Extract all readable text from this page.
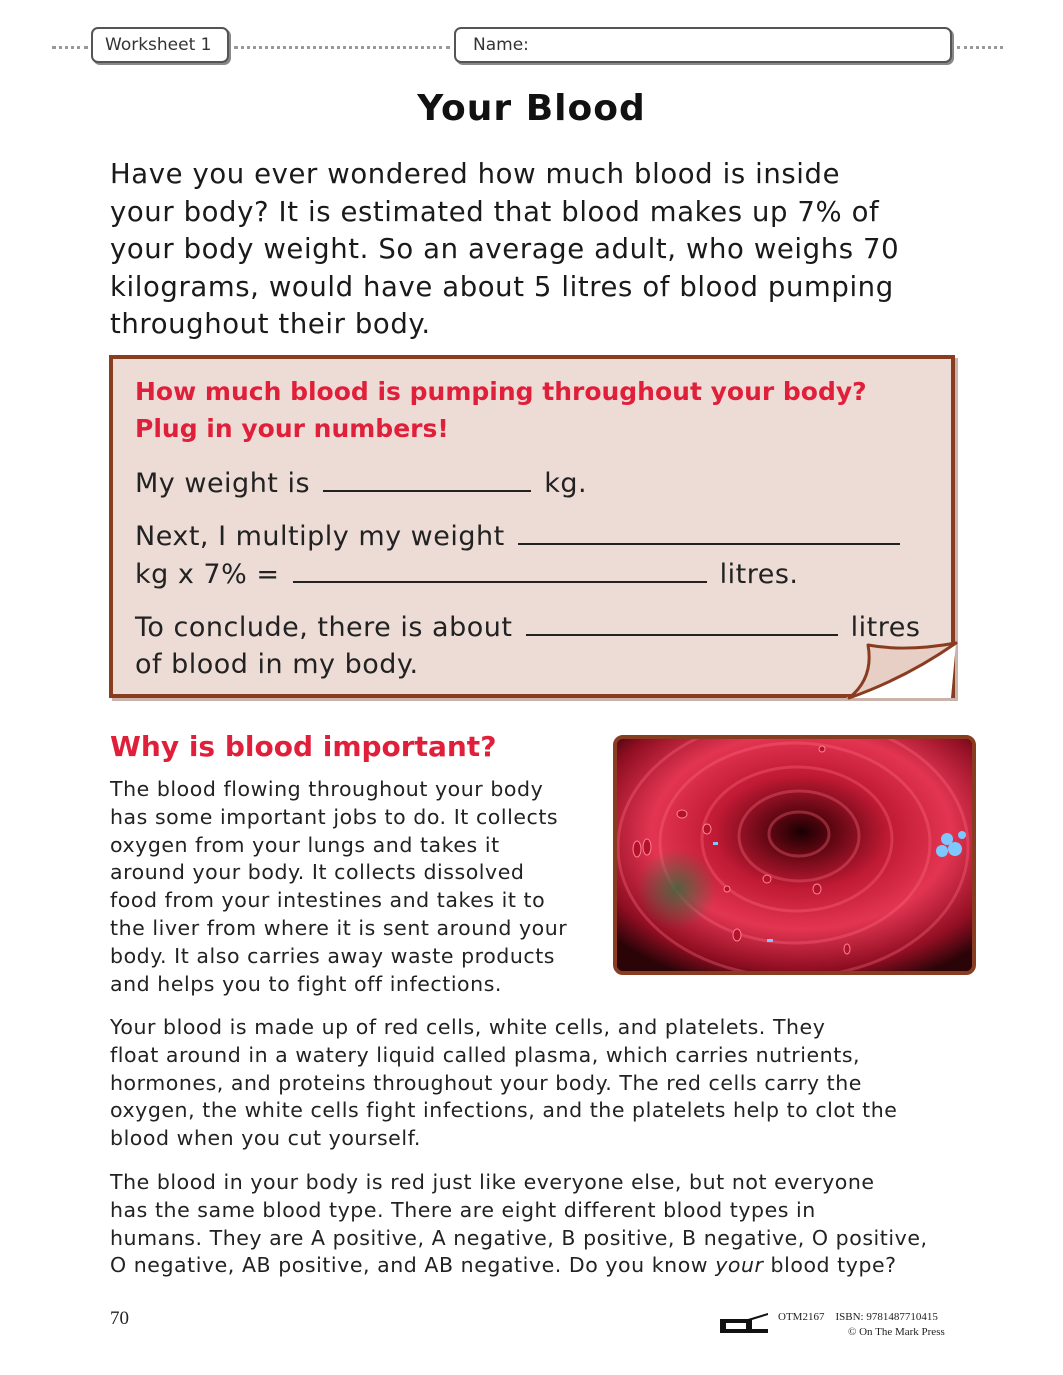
Worksheet 1	Name:
Your Blood
Have you ever wondered how much blood is inside
your body? It is estimated that blood makes up 7% of
your body weight. So an average adult, who weighs 70
kilograms, would have about 5 litres of blood pumping
throughout their body.
How much blood is pumping throughout your body?
Plug in your numbers!
My weight is	kg.
Next, I multiply my weight
kg x 7% =	litres.
To conclude, there is about	litres
of blood in my body.
Why is blood important?
The blood flowing throughout your body
has some important jobs to do. It collects
oxygen from your lungs and takes it
around your body. It collects dissolved
food from your intestines and takes it to
the liver from where it is sent around your
body. It also carries away waste products
and helps you to fight off infections.
Your blood is made up of red cells, white cells, and platelets. They
float around in a watery liquid called plasma, which carries nutrients,
hormones, and proteins throughout your body. The red cells carry the
oxygen, the white cells fight infections, and the platelets help to clot the
blood when you cut yourself.
The blood in your body is red just like everyone else, but not everyone
has the same blood type. There are eight different blood types in
humans. They are A positive, A negative, B positive, B negative, O positive,
O negative, AB positive, and AB negative. Do you know your blood type?
70	OTM2167 ISBN: 9781487710415
© On The Mark Press
